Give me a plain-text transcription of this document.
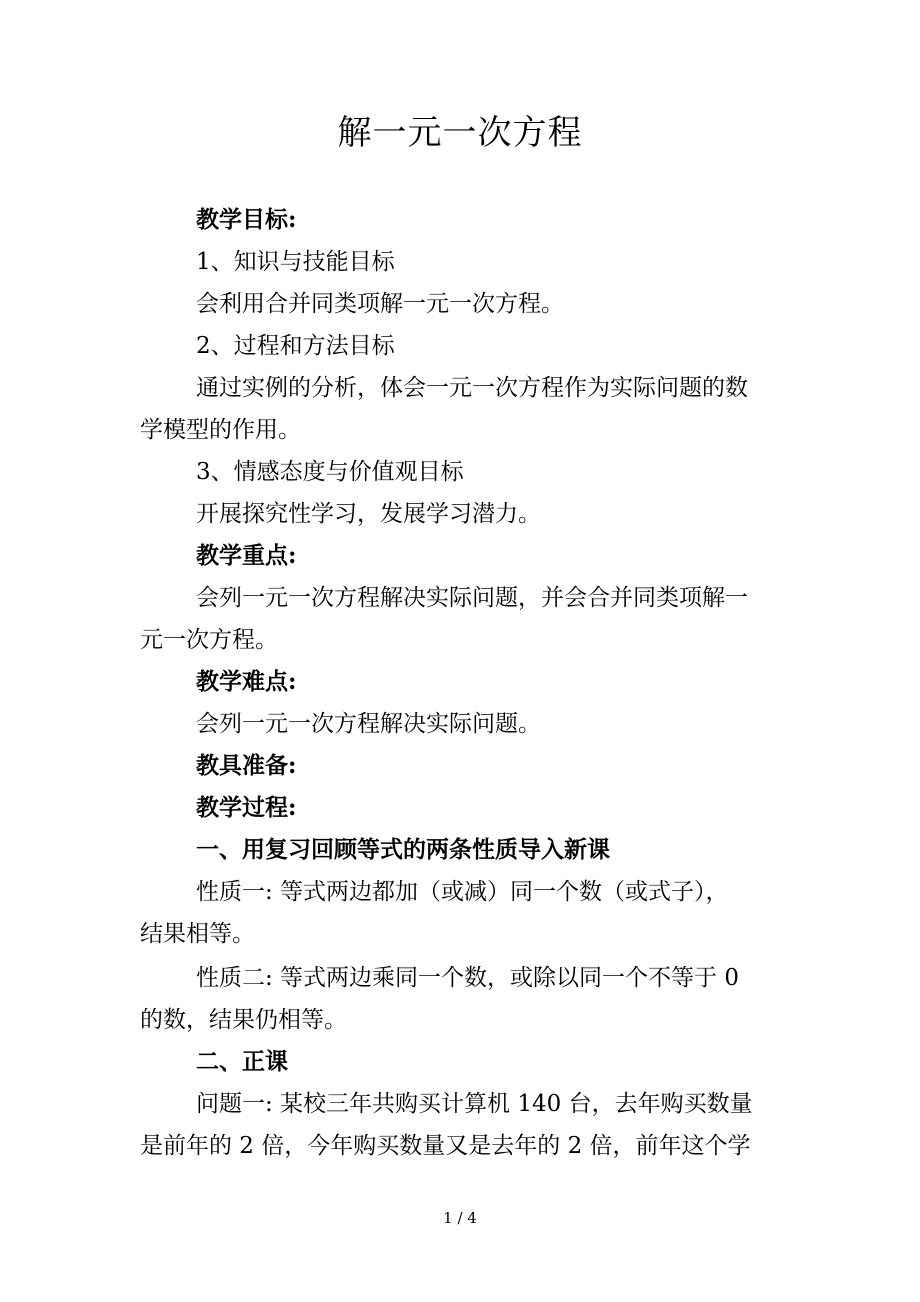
解一元一次方程

教学目标:

1、知识与技能目标

会利用合并同类项解一元一次方程。

2、过程和方法目标

通过实例的分析，体会一元一次方程作为实际问题的数

学模型的作用。

3、情感态度与价值观目标

开展探究性学习，发展学习潜力。

教学重点:

会列一元一次方程解决实际问题，并会合并同类项解一

元一次方程。

教学难点:

会列一元一次方程解决实际问题。

教具准备:

教学过程:

一、用复习回顾等式的两条性质导入新课

性质一: 等式两边都加（或减）同一个数（或式子），

结果相等。

性质二: 等式两边乘同一个数，或除以同一个不等于 0

的数，结果仍相等。

二、正课

问题一: 某校三年共购买计算机 140 台，去年购买数量

是前年的 2 倍，今年购买数量又是去年的 2 倍，前年这个学

1 / 4
